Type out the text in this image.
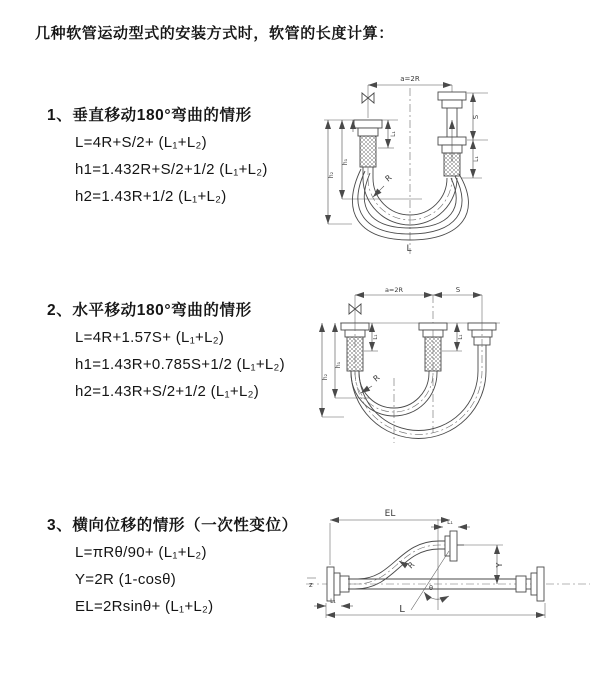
几种软管运动型式的安装方式时，软管的长度计算：
1、垂直移动180°弯曲的情形
L=4R+S/2+ (L₁+L₂)
h1=1.432R+S/2+1/2 (L₁+L₂)
h2=1.43R+1/2 (L₁+L₂)
2、水平移动180°弯曲的情形
L=4R+1.57S+ (L₁+L₂)
h1=1.43R+0.785S+1/2 (L₁+L₂)
h2=1.43R+S/2+1/2 (L₁+L₂)
3、横向位移的情形（一次性变位）
L=πRθ/90+ (L₁+L₂)
Y=2R (1-cosθ)
EL=2Rsinθ+ (L₁+L₂)
a=2R
L₁
S
L₁
h₁
h₂	R
L
a=2R	S
L₁	L₁
h₁
h₂	R
z	θ
R
EL
L₁
Y
L
L₁
